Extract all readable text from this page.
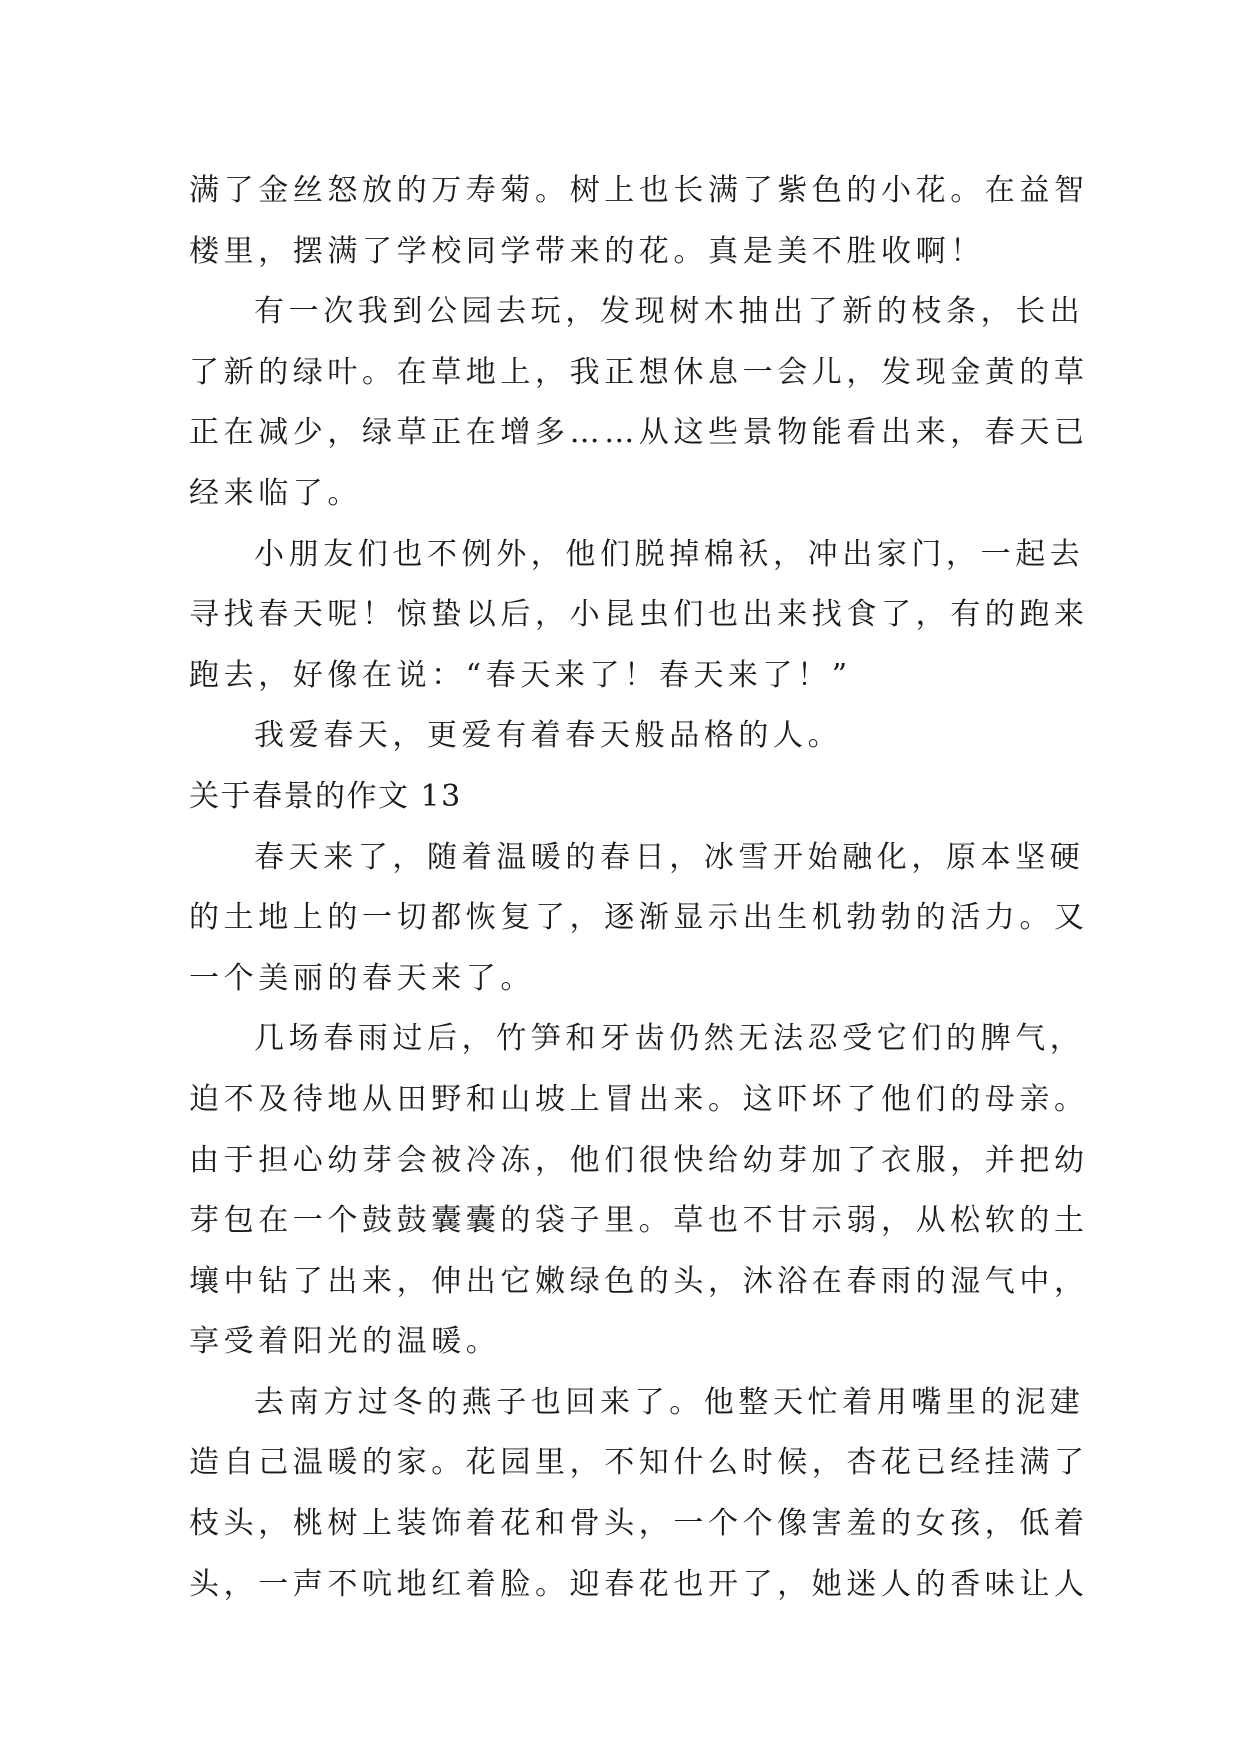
满了金丝怒放的万寿菊。树上也长满了紫色的小花。在益智
楼里，摆满了学校同学带来的花。真是美不胜收啊！
有一次我到公园去玩，发现树木抽出了新的枝条，长出
了新的绿叶。在草地上，我正想休息一会儿，发现金黄的草
正在减少，绿草正在增多……从这些景物能看出来，春天已
经来临了。
小朋友们也不例外，他们脱掉棉袄，冲出家门，一起去
寻找春天呢！惊蛰以后，小昆虫们也出来找食了，有的跑来
跑去，好像在说：“春天来了！春天来了！”
我爱春天，更爱有着春天般品格的人。
关于春景的作文 13
春天来了，随着温暖的春日，冰雪开始融化，原本坚硬
的土地上的一切都恢复了，逐渐显示出生机勃勃的活力。又
一个美丽的春天来了。
几场春雨过后，竹笋和牙齿仍然无法忍受它们的脾气，
迫不及待地从田野和山坡上冒出来。这吓坏了他们的母亲。
由于担心幼芽会被冷冻，他们很快给幼芽加了衣服，并把幼
芽包在一个鼓鼓囊囊的袋子里。草也不甘示弱，从松软的土
壤中钻了出来，伸出它嫩绿色的头，沐浴在春雨的湿气中，
享受着阳光的温暖。
去南方过冬的燕子也回来了。他整天忙着用嘴里的泥建
造自己温暖的家。花园里，不知什么时候，杏花已经挂满了
枝头，桃树上装饰着花和骨头，一个个像害羞的女孩，低着
头，一声不吭地红着脸。迎春花也开了，她迷人的香味让人
